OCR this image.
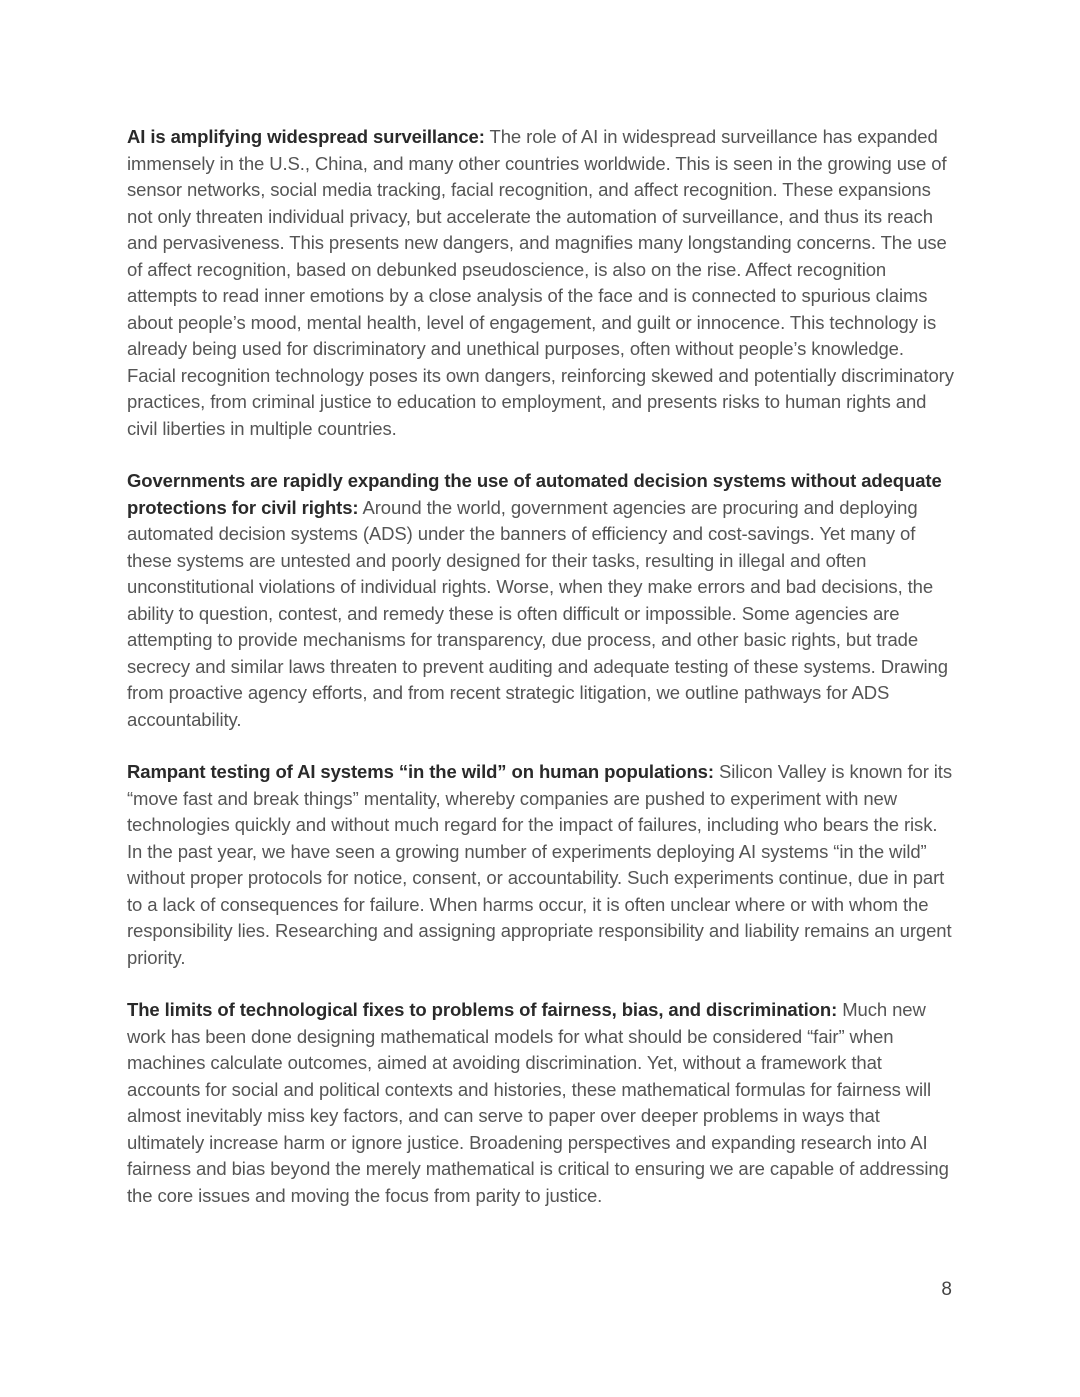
AI is amplifying widespread surveillance: The role of AI in widespread surveillance has expanded immensely in the U.S., China, and many other countries worldwide. This is seen in the growing use of sensor networks, social media tracking, facial recognition, and affect recognition. These expansions not only threaten individual privacy, but accelerate the automation of surveillance, and thus its reach and pervasiveness. This presents new dangers, and magnifies many longstanding concerns. The use of affect recognition, based on debunked pseudoscience, is also on the rise. Affect recognition attempts to read inner emotions by a close analysis of the face and is connected to spurious claims about people’s mood, mental health, level of engagement, and guilt or innocence. This technology is already being used for discriminatory and unethical purposes, often without people’s knowledge. Facial recognition technology poses its own dangers, reinforcing skewed and potentially discriminatory practices, from criminal justice to education to employment, and presents risks to human rights and civil liberties in multiple countries.

Governments are rapidly expanding the use of automated decision systems without adequate protections for civil rights: Around the world, government agencies are procuring and deploying automated decision systems (ADS) under the banners of efficiency and cost-savings. Yet many of these systems are untested and poorly designed for their tasks, resulting in illegal and often unconstitutional violations of individual rights. Worse, when they make errors and bad decisions, the ability to question, contest, and remedy these is often difficult or impossible. Some agencies are attempting to provide mechanisms for transparency, due process, and other basic rights, but trade secrecy and similar laws threaten to prevent auditing and adequate testing of these systems. Drawing from proactive agency efforts, and from recent strategic litigation, we outline pathways for ADS accountability.

Rampant testing of AI systems “in the wild” on human populations: Silicon Valley is known for its “move fast and break things” mentality, whereby companies are pushed to experiment with new technologies quickly and without much regard for the impact of failures, including who bears the risk. In the past year, we have seen a growing number of experiments deploying AI systems “in the wild” without proper protocols for notice, consent, or accountability. Such experiments continue, due in part to a lack of consequences for failure. When harms occur, it is often unclear where or with whom the responsibility lies. Researching and assigning appropriate responsibility and liability remains an urgent priority.

The limits of technological fixes to problems of fairness, bias, and discrimination: Much new work has been done designing mathematical models for what should be considered “fair” when machines calculate outcomes, aimed at avoiding discrimination. Yet, without a framework that accounts for social and political contexts and histories, these mathematical formulas for fairness will almost inevitably miss key factors, and can serve to paper over deeper problems in ways that ultimately increase harm or ignore justice. Broadening perspectives and expanding research into AI fairness and bias beyond the merely mathematical is critical to ensuring we are capable of addressing the core issues and moving the focus from parity to justice.

8
